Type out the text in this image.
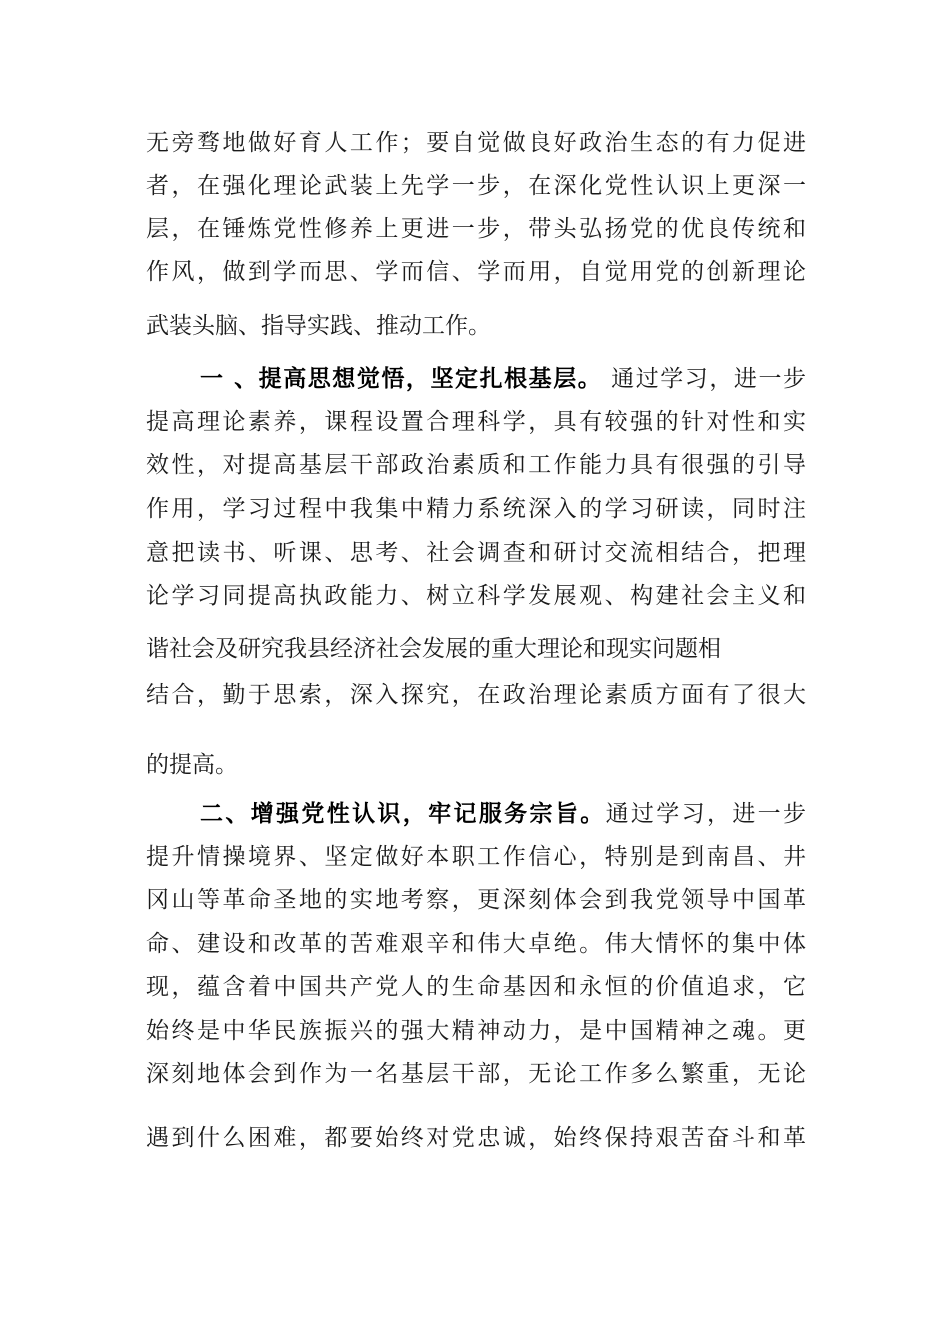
无旁骛地做好育人工作；要自觉做良好政治生态的有力促进
者，在强化理论武装上先学一步，在深化党性认识上更深一
层，在锤炼党性修养上更进一步，带头弘扬党的优良传统和
作风，做到学而思、学而信、学而用，自觉用党的创新理论
武装头脑、指导实践、推动工作。
一 、提高思想觉悟，坚定扎根基层。 通过学习，进一步
提高理论素养，课程设置合理科学，具有较强的针对性和实
效性，对提高基层干部政治素质和工作能力具有很强的引导
作用，学习过程中我集中精力系统深入的学习研读，同时注
意把读书、听课、思考、社会调查和研讨交流相结合，把理
论学习同提高执政能力、树立科学发展观、构建社会主义和
谐社会及研究我县经济社会发展的重大理论和现实问题相
结合，勤于思索，深入探究，在政治理论素质方面有了很大
的提高。
二、增强党性认识，牢记服务宗旨。通过学习，进一步
提升情操境界、坚定做好本职工作信心，特别是到南昌、井
冈山等革命圣地的实地考察，更深刻体会到我党领导中国革
命、建设和改革的苦难艰辛和伟大卓绝。伟大情怀的集中体
现，蕴含着中国共产党人的生命基因和永恒的价值追求，它
始终是中华民族振兴的强大精神动力，是中国精神之魂。更
深刻地体会到作为一名基层干部，无论工作多么繁重，无论
遇到什么困难，都要始终对党忠诚，始终保持艰苦奋斗和革
